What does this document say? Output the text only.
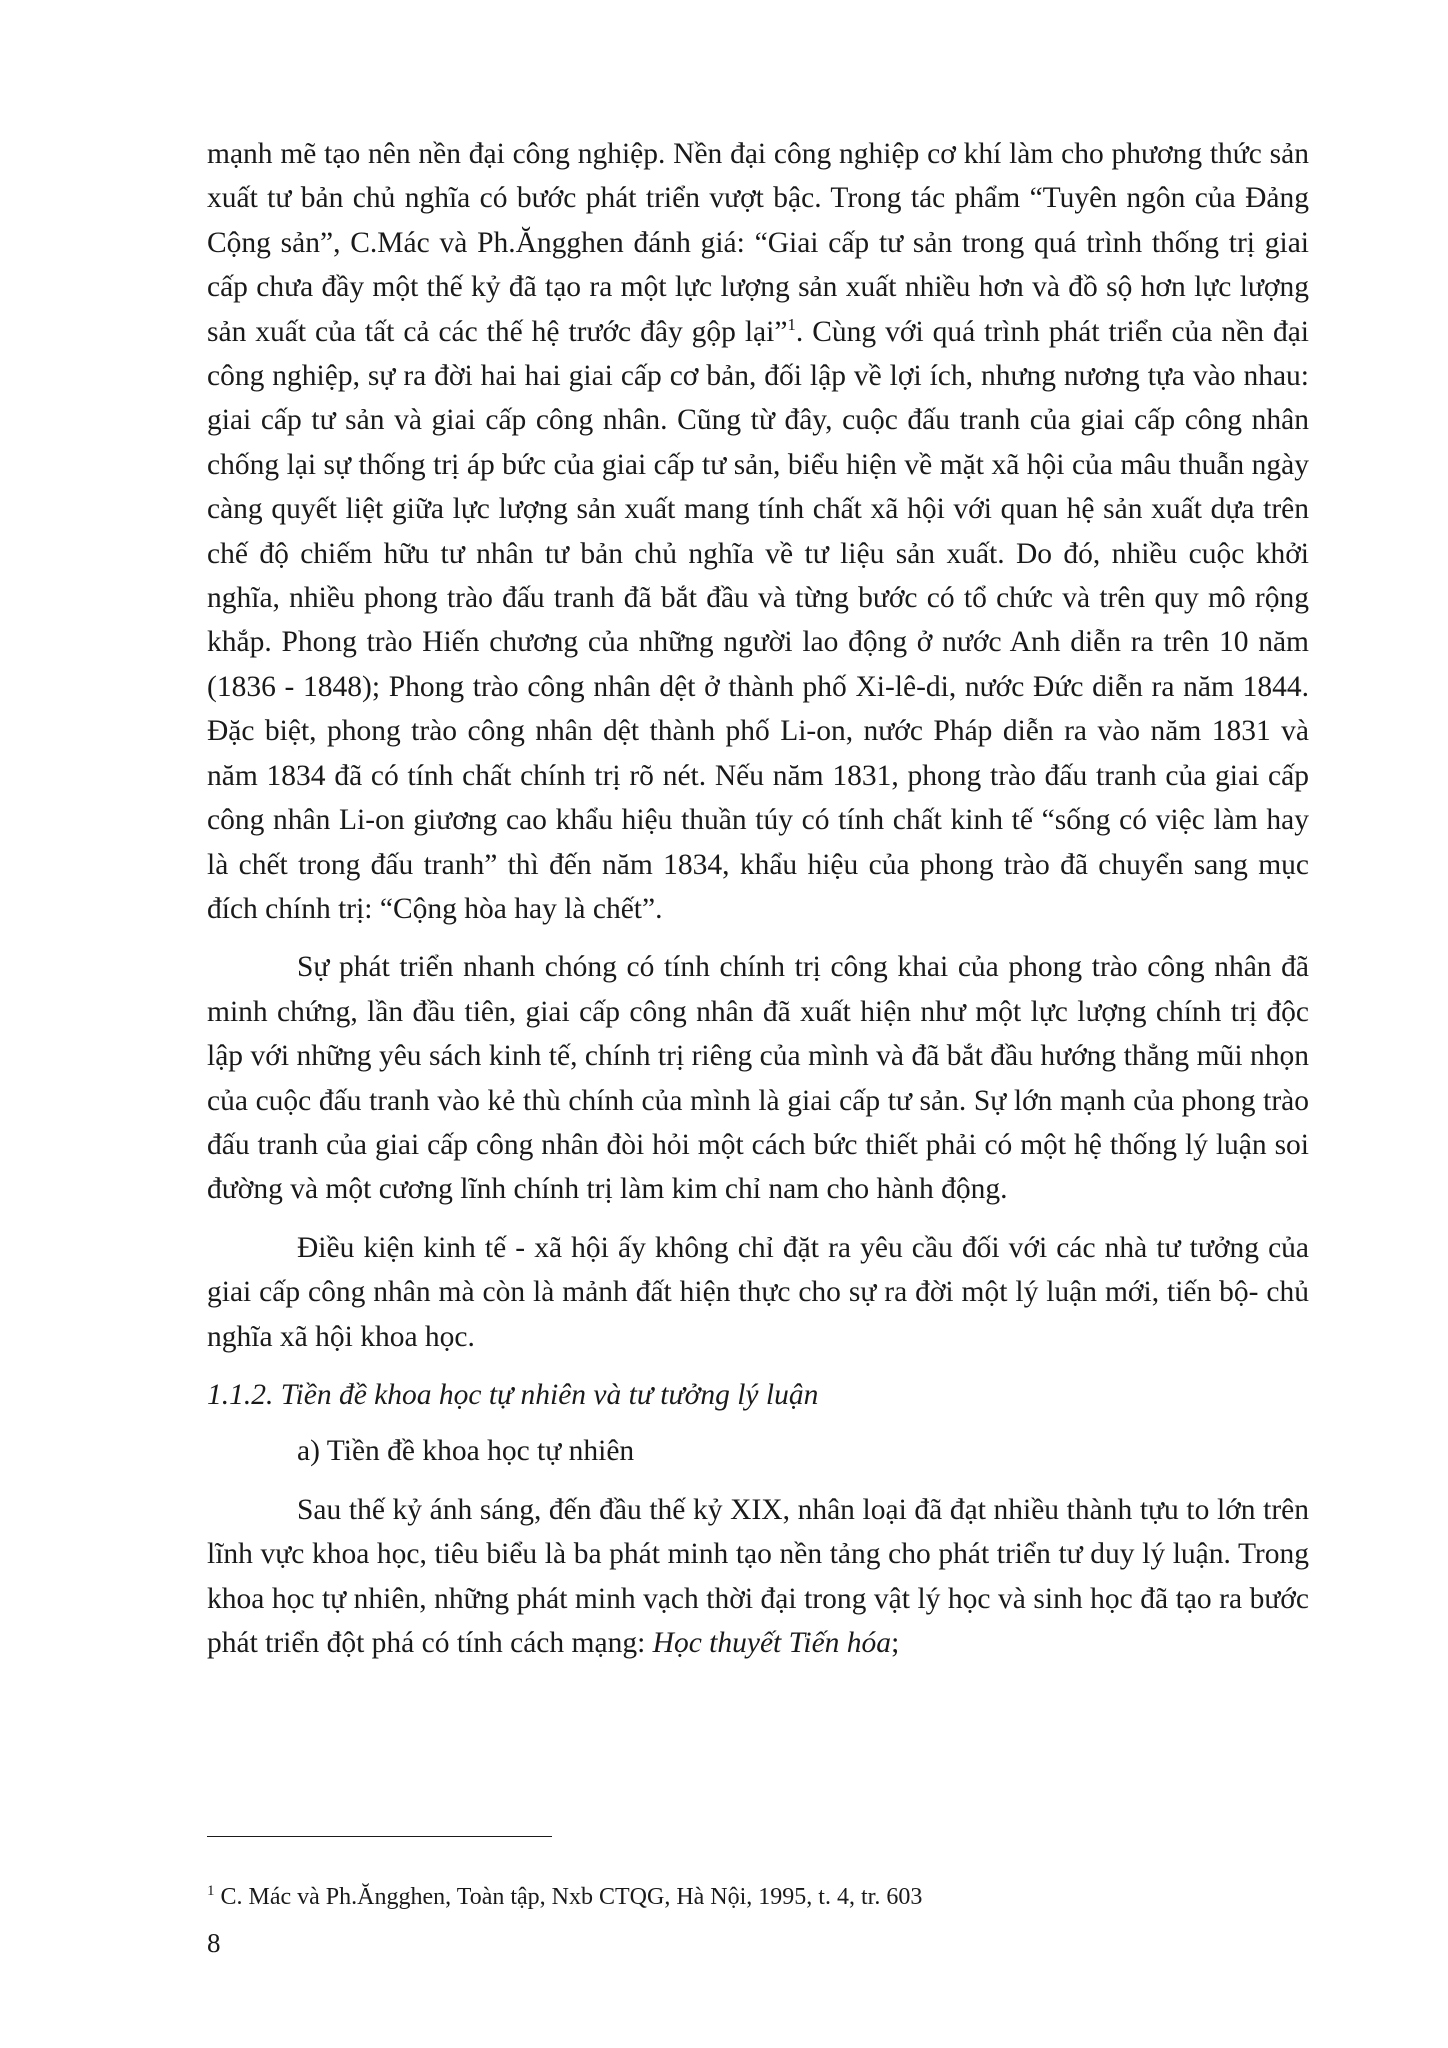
mạnh mẽ tạo nên nền đại công nghiệp. Nền đại công nghiệp cơ khí làm cho phương thức sản xuất tư bản chủ nghĩa có bước phát triển vượt bậc. Trong tác phẩm “Tuyên ngôn của Đảng Cộng sản”, C.Mác và Ph.Ăngghen đánh giá: “Giai cấp tư sản trong quá trình thống trị giai cấp chưa đầy một thế kỷ đã tạo ra một lực lượng sản xuất nhiều hơn và đồ sộ hơn lực lượng sản xuất của tất cả các thế hệ trước đây gộp lại”$^1$. Cùng với quá trình phát triển của nền đại công nghiệp, sự ra đời hai hai giai cấp cơ bản, đối lập về lợi ích, nhưng nương tựa vào nhau: giai cấp tư sản và giai cấp công nhân. Cũng từ đây, cuộc đấu tranh của giai cấp công nhân chống lại sự thống trị áp bức của giai cấp tư sản, biểu hiện về mặt xã hội của mâu thuẫn ngày càng quyết liệt giữa lực lượng sản xuất mang tính chất xã hội với quan hệ sản xuất dựa trên chế độ chiếm hữu tư nhân tư bản chủ nghĩa về tư liệu sản xuất. Do đó, nhiều cuộc khởi nghĩa, nhiều phong trào đấu tranh đã bắt đầu và từng bước có tổ chức và trên quy mô rộng khắp. Phong trào Hiến chương của những người lao động ở nước Anh diễn ra trên 10 năm (1836 - 1848); Phong trào công nhân dệt ở thành phố Xi-lê-di, nước Đức diễn ra năm 1844. Đặc biệt, phong trào công nhân dệt thành phố Li-on, nước Pháp diễn ra vào năm 1831 và năm 1834 đã có tính chất chính trị rõ nét. Nếu năm 1831, phong trào đấu tranh của giai cấp công nhân Li-on giương cao khẩu hiệu thuần túy có tính chất kinh tế “sống có việc làm hay là chết trong đấu tranh” thì đến năm 1834, khẩu hiệu của phong trào đã chuyển sang mục đích chính trị: “Cộng hòa hay là chết”.

Sự phát triển nhanh chóng có tính chính trị công khai của phong trào công nhân đã minh chứng, lần đầu tiên, giai cấp công nhân đã xuất hiện như một lực lượng chính trị độc lập với những yêu sách kinh tế, chính trị riêng của mình và đã bắt đầu hướng thẳng mũi nhọn của cuộc đấu tranh vào kẻ thù chính của mình là giai cấp tư sản. Sự lớn mạnh của phong trào đấu tranh của giai cấp công nhân đòi hỏi một cách bức thiết phải có một hệ thống lý luận soi đường và một cương lĩnh chính trị làm kim chỉ nam cho hành động.

Điều kiện kinh tế - xã hội ấy không chỉ đặt ra yêu cầu đối với các nhà tư tưởng của giai cấp công nhân mà còn là mảnh đất hiện thực cho sự ra đời một lý luận mới, tiến bộ- chủ nghĩa xã hội khoa học.

1.1.2. Tiền đề khoa học tự nhiên và tư tưởng lý luận

a) Tiền đề khoa học tự nhiên

Sau thế kỷ ánh sáng, đến đầu thế kỷ XIX, nhân loại đã đạt nhiều thành tựu to lớn trên lĩnh vực khoa học, tiêu biểu là ba phát minh tạo nền tảng cho phát triển tư duy lý luận. Trong khoa học tự nhiên, những phát minh vạch thời đại trong vật lý học và sinh học đã tạo ra bước phát triển đột phá có tính cách mạng: Học thuyết Tiến hóa;

$^1$ C. Mác và Ph.Ăngghen, Toàn tập, Nxb CTQG, Hà Nội, 1995, t. 4, tr. 603
8
